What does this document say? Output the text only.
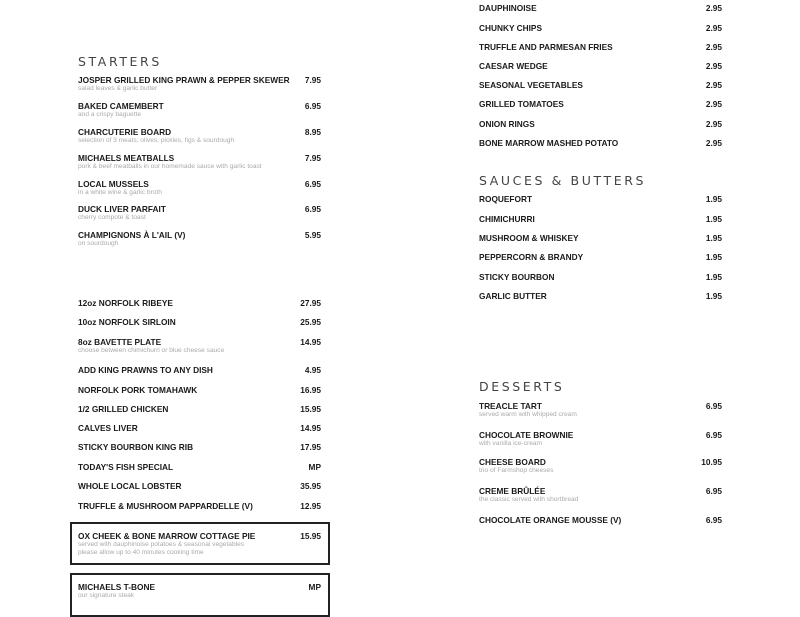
STARTERS
JOSPER GRILLED KING PRAWN & PEPPER SKEWER 7.95
salad leaves & garlic butter
BAKED CAMEMBERT	6.95
and a crispy baguette
CHARCUTERIE BOARD	8.95
selection of 3 meats, olives, pickles, figs & sourdough
MICHAELS MEATBALLS	7.95
pork & beef meatballs in our homemade sauce with garlic toast
LOCAL MUSSELS	6.95
in a white wine & garlic broth
DUCK LIVER PARFAIT	6.95
cherry compote & toast
CHAMPIGNONS À L'AIL (V)	5.95
on sourdough
12oz NORFOLK RIBEYE	27.95
10oz NORFOLK SIRLOIN	25.95
8oz BAVETTE PLATE	14.95
choose between chimichurri or blue cheese sauce
ADD KING PRAWNS TO ANY DISH	4.95
NORFOLK PORK TOMAHAWK	16.95
1/2 GRILLED CHICKEN	15.95
CALVES LIVER	14.95
STICKY BOURBON KING RIB	17.95
TODAY'S FISH SPECIAL	MP
WHOLE LOCAL LOBSTER	35.95
TRUFFLE & MUSHROOM PAPPARDELLE (V)	12.95
DAUPHINOISE	2.95
CHUNKY CHIPS	2.95
TRUFFLE AND PARMESAN FRIES	2.95
CAESAR WEDGE	2.95
SEASONAL VEGETABLES	2.95
GRILLED TOMATOES	2.95
ONION RINGS	2.95
BONE MARROW MASHED POTATO	2.95
SAUCES & BUTTERS
ROQUEFORT	1.95
CHIMICHURRI	1.95
MUSHROOM & WHISKEY	1.95
PEPPERCORN & BRANDY	1.95
STICKY BOURBON	1.95
GARLIC BUTTER	1.95
DESSERTS
TREACLE TART	6.95
served warm with whipped cream
CHOCOLATE BROWNIE	6.95
with vanilla ice-cream
CHEESE BOARD	10.95
trio of Farmshop cheeses
CREME BRÛLÉE	6.95
the classic served with shortbread
CHOCOLATE ORANGE MOUSSE (V)	6.95
OX CHEEK & BONE MARROW COTTAGE PIE	15.95
served with dauphinoise potatoes & seasonal vegetables
please allow up to 40 minutes cooking time
MICHAELS T-BONE	MP
our signature steak
